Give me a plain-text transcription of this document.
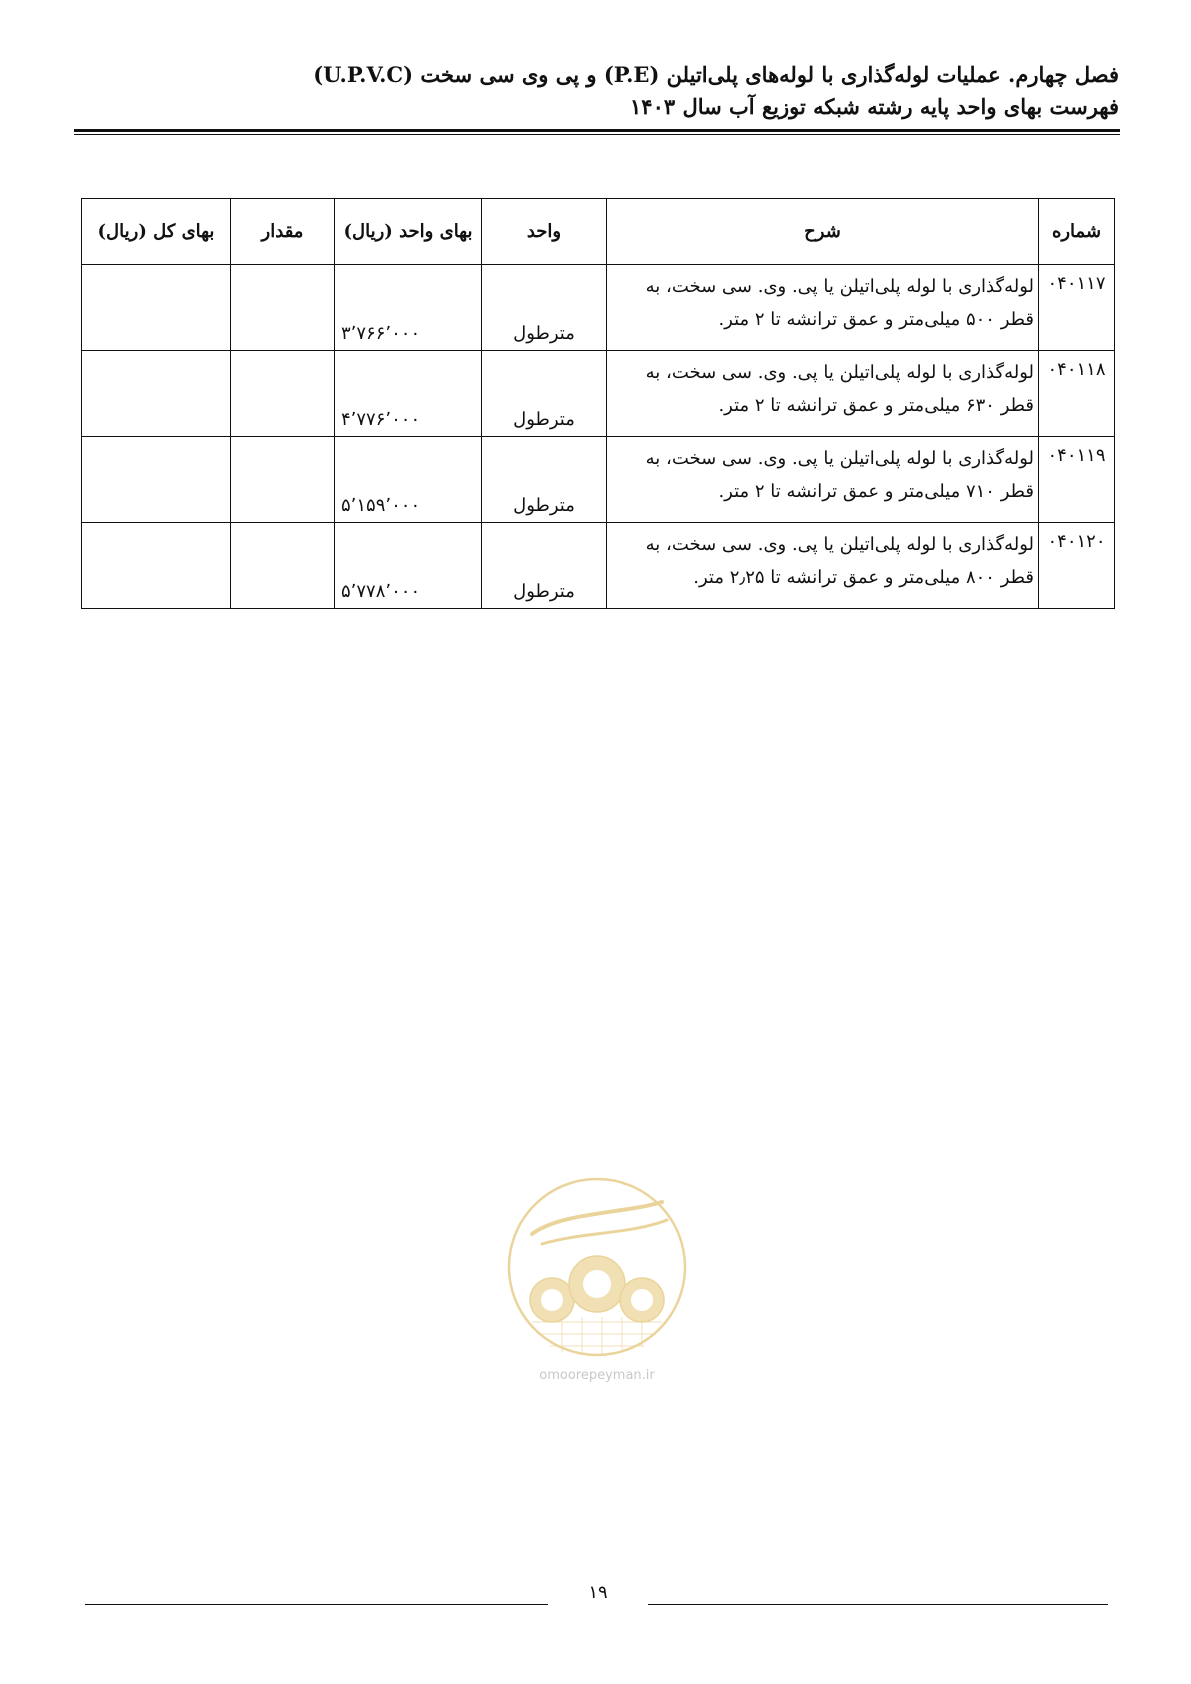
فصل چهارم. عملیات لوله‌گذاری با لوله‌های پلی‌اتیلن (P.E) و پی وی سی سخت (U.P.V.C)
فهرست بهای واحد پایه رشته شبکه توزیع آب سال ۱۴۰۳
شماره	شرح	واحد	بهای واحد (ریال)	مقدار	بهای کل (ریال)
۰۴۰۱۱۷	لوله‌گذاری با لوله پلی‌اتیلن یا پی. وی. سی سخت، به قطر ۵۰۰ میلی‌متر و عمق ترانشه تا ۲ متر.	مترطول	۳٬۷۶۶٬۰۰۰		
۰۴۰۱۱۸	لوله‌گذاری با لوله پلی‌اتیلن یا پی. وی. سی سخت، به قطر ۶۳۰ میلی‌متر و عمق ترانشه تا ۲ متر.	مترطول	۴٬۷۷۶٬۰۰۰		
۰۴۰۱۱۹	لوله‌گذاری با لوله پلی‌اتیلن یا پی. وی. سی سخت، به قطر ۷۱۰ میلی‌متر و عمق ترانشه تا ۲ متر.	مترطول	۵٬۱۵۹٬۰۰۰		
۰۴۰۱۲۰	لوله‌گذاری با لوله پلی‌اتیلن یا پی. وی. سی سخت، به قطر ۸۰۰ میلی‌متر و عمق ترانشه تا ۲٫۲۵ متر.	مترطول	۵٬۷۷۸٬۰۰۰		
omoorepeyman.ir
۱۹
